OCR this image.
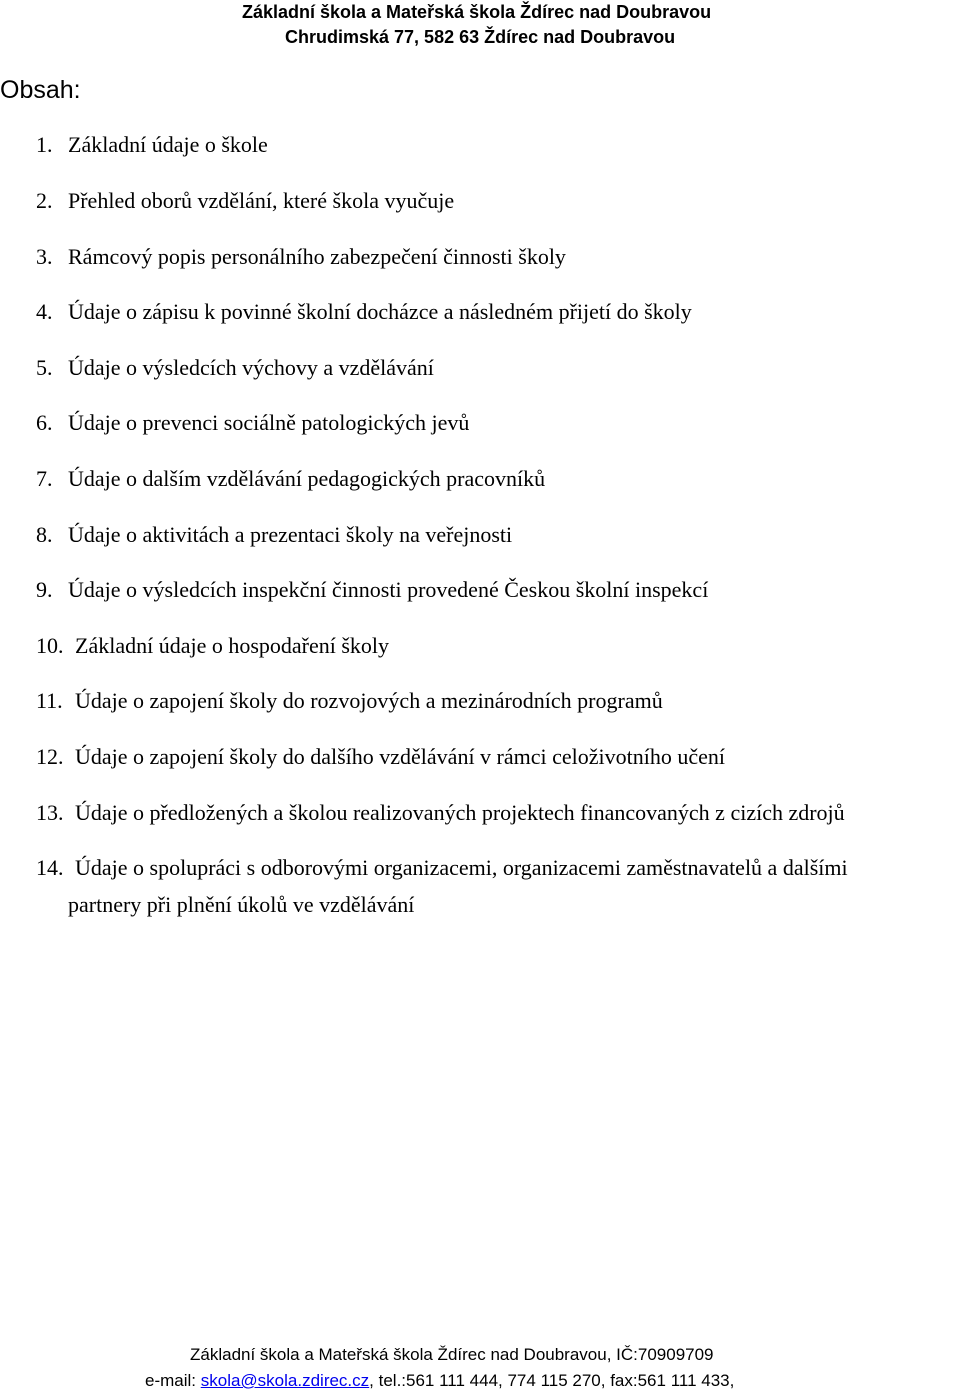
Základní škola a Mateřská škola Ždírec nad Doubravou
Chrudimská 77, 582 63 Ždírec nad Doubravou
Obsah:
1. Základní údaje o škole
2. Přehled oborů vzdělání, které škola vyučuje
3. Rámcový popis personálního zabezpečení činnosti školy
4. Údaje o zápisu k povinné školní docházce a následném přijetí do školy
5. Údaje o výsledcích výchovy a vzdělávání
6. Údaje o prevenci sociálně patologických jevů
7. Údaje o dalším vzdělávání pedagogických pracovníků
8. Údaje o aktivitách a prezentaci školy na veřejnosti
9. Údaje o výsledcích inspekční činnosti provedené Českou školní inspekcí
10. Základní údaje o hospodaření školy
11. Údaje o zapojení školy do rozvojových a mezinárodních programů
12. Údaje o zapojení školy do dalšího vzdělávání v rámci celoživotního učení
13. Údaje o předložených a školou realizovaných projektech financovaných z cizích zdrojů
14. Údaje o spolupráci s odborovými organizacemi, organizacemi zaměstnavatelů a dalšími
partnery při plnění úkolů ve vzdělávání
Základní škola a Mateřská škola Ždírec nad Doubravou, IČ:70909709
e-mail: skola@skola.zdirec.cz, tel.:561 111 444, 774 115 270, fax:561 111 433,
